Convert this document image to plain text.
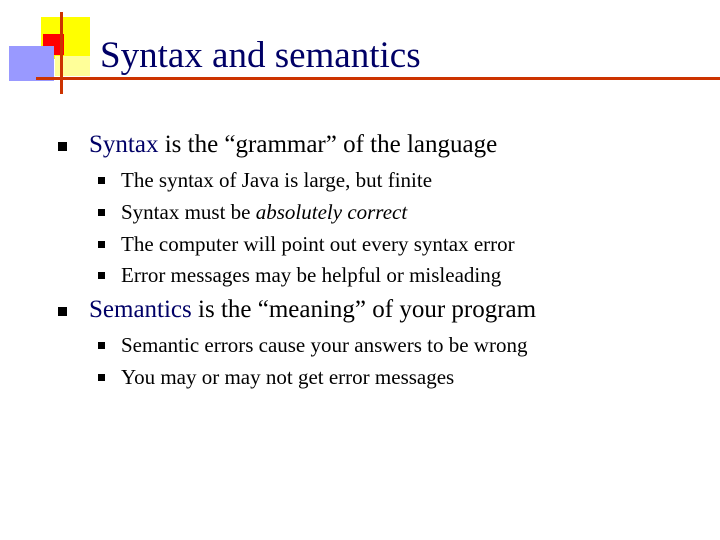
Syntax and semantics
Syntax is the “grammar” of the language
The syntax of Java is large, but finite
Syntax must be absolutely correct
The computer will point out every syntax error
Error messages may be helpful or misleading
Semantics is the “meaning” of your program
Semantic errors cause your answers to be wrong
You may or may not get error messages
